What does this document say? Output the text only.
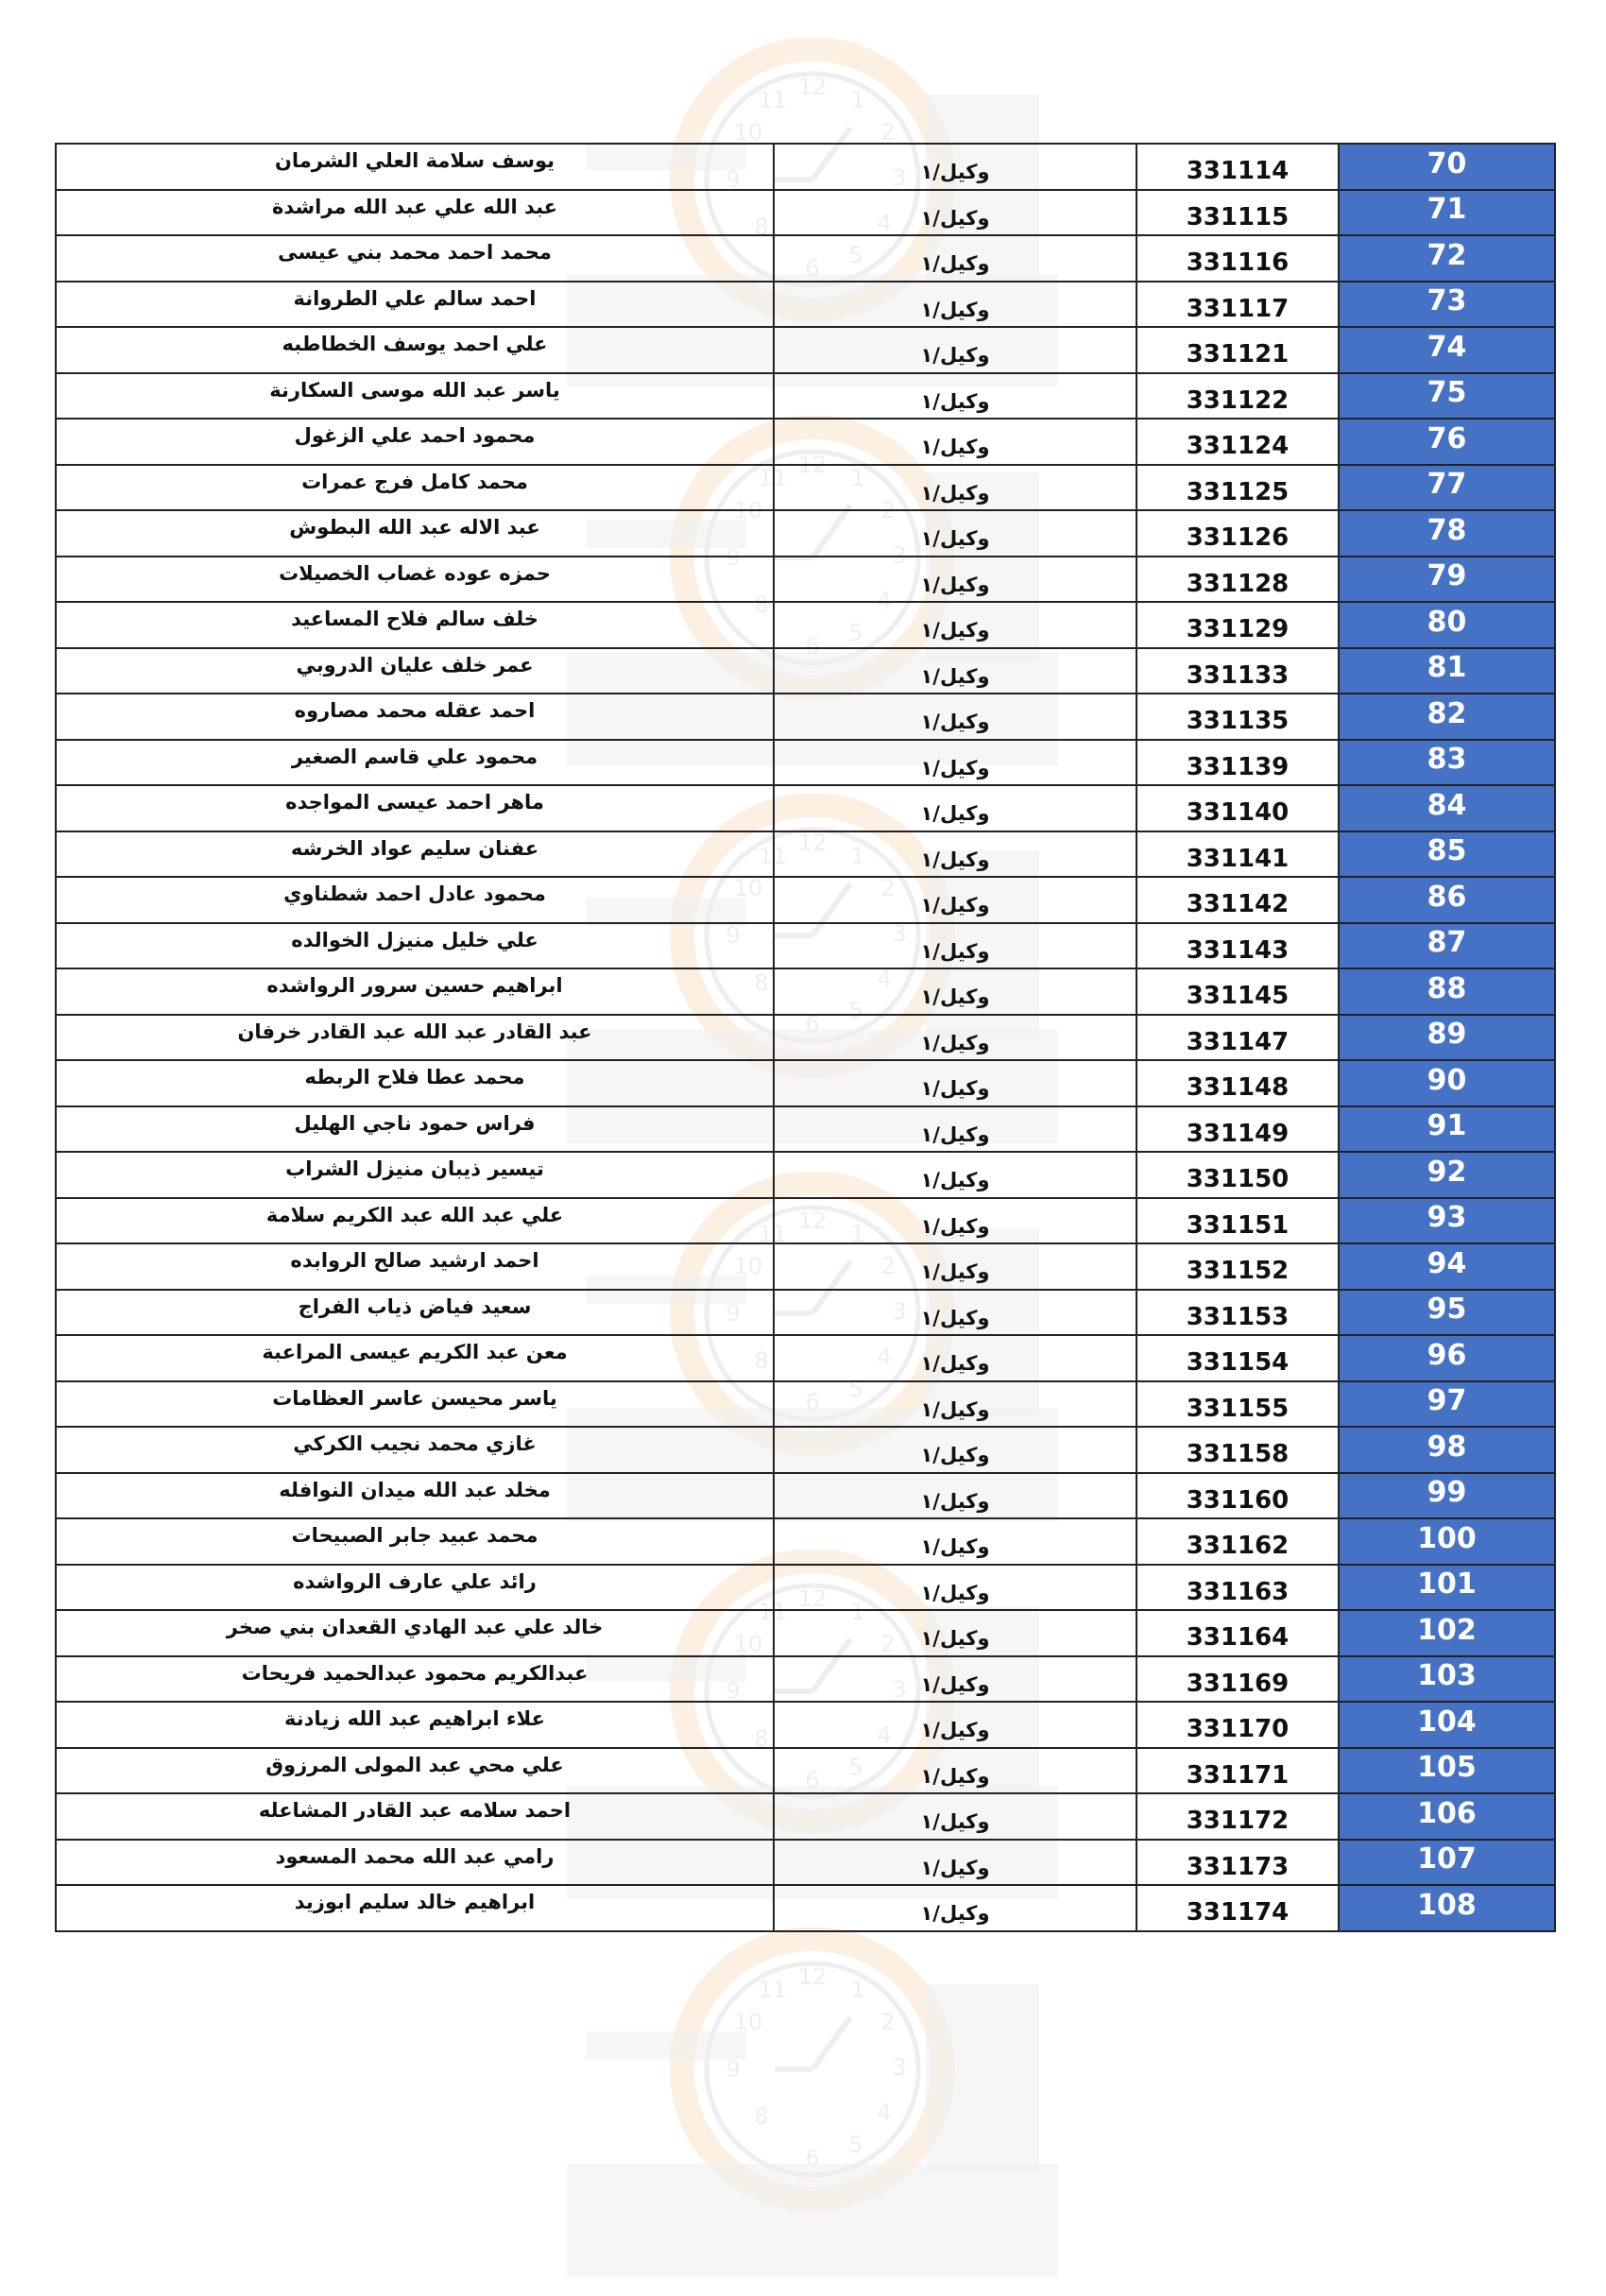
12 1
2
3
4
5
6
8
9
10
11
12 1
2
3
4
5
6
8
9
10
11
12 1
2
3
4
5
6
8
9
10
11
12 1
2
3
4
5
6
8
9
10
11
12 1
2
3
4
5
6
8
9
10
11
12 1
2
3
4
5
6
8
9
10
11
يوسف سلامة العلي الشرمان	وكيل/١	331114	70
عبد الله علي عبد الله مراشدة	وكيل/١	331115	71
محمد احمد محمد بني عيسى	وكيل/١	331116	72
احمد سالم علي الطروانة	وكيل/١	331117	73
علي احمد يوسف الخطاطبه	وكيل/١	331121	74
ياسر عبد الله موسى السكارنة	وكيل/١	331122	75
محمود احمد علي الزغول	وكيل/١	331124	76
محمد كامل فرج عمرات	وكيل/١	331125	77
عبد الاله عبد الله البطوش	وكيل/١	331126	78
حمزه عوده غصاب الخصيلات	وكيل/١	331128	79
خلف سالم فلاح المساعيد	وكيل/١	331129	80
عمر خلف عليان الدروبي	وكيل/١	331133	81
احمد عقله محمد مصاروه	وكيل/١	331135	82
محمود علي قاسم الصغير	وكيل/١	331139	83
ماهر احمد عيسى المواجده	وكيل/١	331140	84
عفنان سليم عواد الخرشه	وكيل/١	331141	85
محمود عادل احمد شطناوي	وكيل/١	331142	86
علي خليل منيزل الخوالده	وكيل/١	331143	87
ابراهيم حسين سرور الرواشده	وكيل/١	331145	88
عبد القادر عبد الله عبد القادر خرفان	وكيل/١	331147	89
محمد عطا فلاح الربطه	وكيل/١	331148	90
فراس حمود ناجي الهليل	وكيل/١	331149	91
تيسير ذيبان منيزل الشراب	وكيل/١	331150	92
علي عبد الله عبد الكريم سلامة	وكيل/١	331151	93
احمد ارشيد صالح الروابده	وكيل/١	331152	94
سعيد فياض ذياب الفراج	وكيل/١	331153	95
معن عبد الكريم عيسى المراعبة	وكيل/١	331154	96
ياسر محيسن عاسر العظامات	وكيل/١	331155	97
غازي محمد نجيب الكركي	وكيل/١	331158	98
مخلد عبد الله ميدان النوافله	وكيل/١	331160	99
محمد عبيد جابر الصبيحات	وكيل/١	331162	100
رائد علي عارف الرواشده	وكيل/١	331163	101
خالد علي عبد الهادي القعدان بني صخر	وكيل/١	331164	102
عبدالكريم محمود عبدالحميد فريحات	وكيل/١	331169	103
علاء ابراهيم عبد الله زيادنة	وكيل/١	331170	104
علي محي عبد المولى المرزوق	وكيل/١	331171	105
احمد سلامه عبد القادر المشاعله	وكيل/١	331172	106
رامي عبد الله محمد المسعود	وكيل/١	331173	107
ابراهيم خالد سليم ابوزيد	وكيل/١	331174	108
